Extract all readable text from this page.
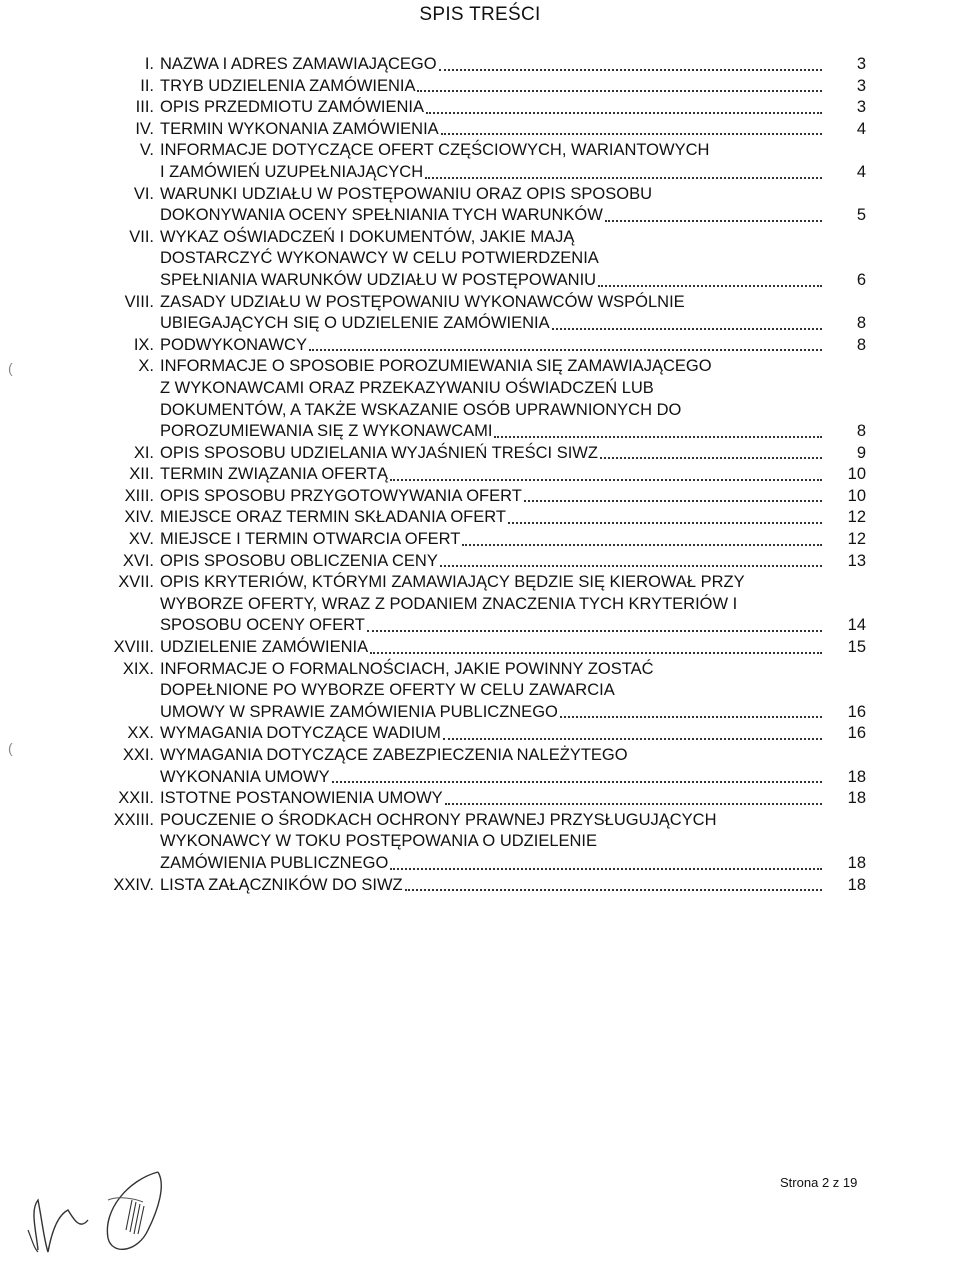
SPIS TREŚCI
I. NAZWA I ADRES ZAMAWIAJĄCEGO	3
II. TRYB UDZIELENIA ZAMÓWIENIA	3
III. OPIS PRZEDMIOTU ZAMÓWIENIA	3
IV. TERMIN WYKONANIA ZAMÓWIENIA	4
V. INFORMACJE DOTYCZĄCE OFERT CZĘŚCIOWYCH, WARIANTOWYCH
I ZAMÓWIEŃ UZUPEŁNIAJĄCYCH	4
VI. WARUNKI UDZIAŁU W POSTĘPOWANIU ORAZ OPIS SPOSOBU
DOKONYWANIA OCENY SPEŁNIANIA TYCH WARUNKÓW	5
VII. WYKAZ OŚWIADCZEŃ I DOKUMENTÓW, JAKIE MAJĄ
DOSTARCZYĆ WYKONAWCY W CELU POTWIERDZENIA
SPEŁNIANIA WARUNKÓW UDZIAŁU W POSTĘPOWANIU	6
VIII. ZASADY UDZIAŁU W POSTĘPOWANIU WYKONAWCÓW WSPÓLNIE
UBIEGAJĄCYCH SIĘ O UDZIELENIE ZAMÓWIENIA	8
IX. PODWYKONAWCY	8
X. INFORMACJE O SPOSOBIE POROZUMIEWANIA SIĘ ZAMAWIAJĄCEGO
Z WYKONAWCAMI ORAZ PRZEKAZYWANIU OŚWIADCZEŃ LUB
DOKUMENTÓW, A TAKŻE WSKAZANIE OSÓB UPRAWNIONYCH DO
POROZUMIEWANIA SIĘ Z WYKONAWCAMI	8
XI. OPIS SPOSOBU UDZIELANIA WYJAŚNIEŃ TREŚCI SIWZ	9
XII. TERMIN ZWIĄZANIA OFERTĄ	10
XIII. OPIS SPOSOBU PRZYGOTOWYWANIA OFERT	10
XIV. MIEJSCE ORAZ TERMIN SKŁADANIA OFERT	12
XV. MIEJSCE I TERMIN OTWARCIA OFERT	12
XVI. OPIS SPOSOBU OBLICZENIA CENY	13
XVII. OPIS KRYTERIÓW, KTÓRYMI ZAMAWIAJĄCY BĘDZIE SIĘ KIEROWAŁ PRZY
WYBORZE OFERTY, WRAZ Z PODANIEM ZNACZENIA TYCH KRYTERIÓW I
SPOSOBU OCENY OFERT	14
XVIII. UDZIELENIE ZAMÓWIENIA	15
XIX. INFORMACJE O FORMALNOŚCIACH, JAKIE POWINNY ZOSTAĆ
DOPEŁNIONE PO WYBORZE OFERTY W CELU ZAWARCIA
UMOWY W SPRAWIE ZAMÓWIENIA PUBLICZNEGO	16
XX. WYMAGANIA DOTYCZĄCE WADIUM	16
XXI. WYMAGANIA DOTYCZĄCE ZABEZPIECZENIA NALEŻYTEGO
WYKONANIA UMOWY	18
XXII. ISTOTNE POSTANOWIENIA UMOWY	18
XXIII. POUCZENIE O ŚRODKACH OCHRONY PRAWNEJ PRZYSŁUGUJĄCYCH
WYKONAWCY W TOKU POSTĘPOWANIA O UDZIELENIE
ZAMÓWIENIA PUBLICZNEGO	18
XXIV. LISTA ZAŁĄCZNIKÓW DO SIWZ	18
Strona 2 z 19
(
(
